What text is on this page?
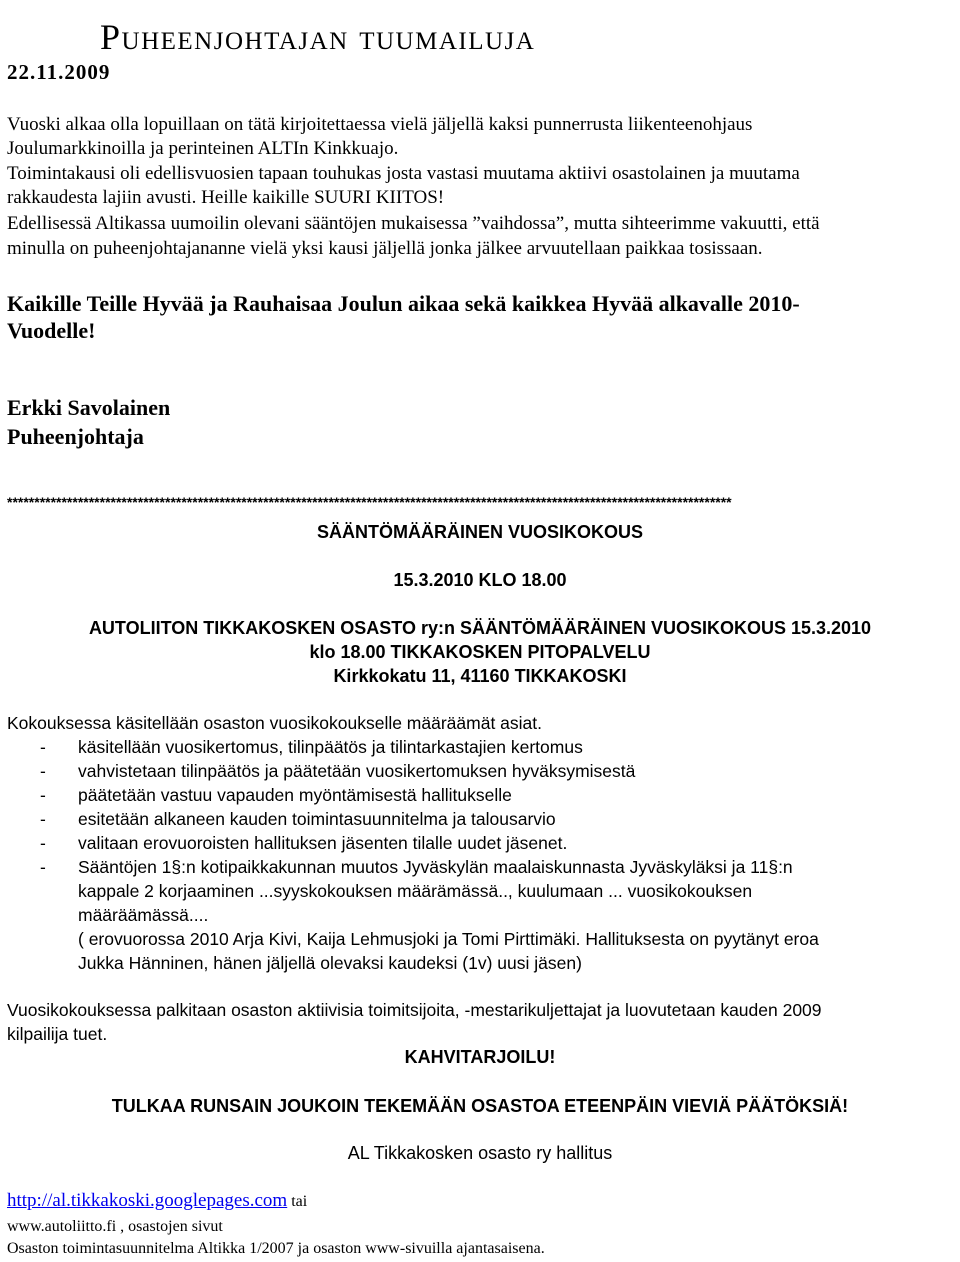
Puheenjohtajan tuumailuja
22.11.2009
Vuoski alkaa olla lopuillaan on tätä kirjoitettaessa vielä jäljellä kaksi punnerrusta liikenteenohjaus
Joulumarkkinoilla ja perinteinen ALTIn Kinkkuajo.
Toimintakausi oli edellisvuosien tapaan touhukas josta vastasi muutama aktiivi osastolainen ja muutama
rakkaudesta lajiin avusti. Heille kaikille SUURI KIITOS!
Edellisessä Altikassa uumoilin olevani sääntöjen mukaisessa ”vaihdossa”, mutta sihteerimme vakuutti, että
minulla on puheenjohtajananne vielä yksi kausi jäljellä jonka jälkee arvuutellaan paikkaa tosissaan.
Kaikille Teille Hyvää ja Rauhaisaa Joulun aikaa sekä kaikkea Hyvää alkavalle 2010-
Vuodelle!
Erkki Savolainen
Puheenjohtaja
*************************************************************************************************************************************
SÄÄNTÖMÄÄRÄINEN VUOSIKOKOUS
15.3.2010 KLO 18.00
AUTOLIITON TIKKAKOSKEN OSASTO ry:n SÄÄNTÖMÄÄRÄINEN VUOSIKOKOUS 15.3.2010
klo 18.00 TIKKAKOSKEN PITOPALVELU
Kirkkokatu 11, 41160 TIKKAKOSKI
Kokouksessa käsitellään osaston vuosikokoukselle määräämät asiat.
- käsitellään vuosikertomus, tilinpäätös ja tilintarkastajien kertomus
- vahvistetaan tilinpäätös ja päätetään vuosikertomuksen hyväksymisestä
- päätetään vastuu vapauden myöntämisestä hallitukselle
- esitetään alkaneen kauden toimintasuunnitelma ja talousarvio
- valitaan erovuoroisten hallituksen jäsenten tilalle uudet jäsenet.
- Sääntöjen 1§:n kotipaikkakunnan muutos Jyväskylän maalaiskunnasta Jyväskyläksi ja 11§:n
kappale 2 korjaaminen ...syyskokouksen määrämässä.., kuulumaan ... vuosikokouksen
määräämässä....
( erovuorossa 2010 Arja Kivi, Kaija Lehmusjoki ja Tomi Pirttimäki. Hallituksesta on pyytänyt eroa
Jukka Hänninen, hänen jäljellä olevaksi kaudeksi (1v) uusi jäsen)
Vuosikokouksessa palkitaan osaston aktiivisia toimitsijoita, -mestarikuljettajat ja luovutetaan kauden 2009
kilpailija tuet.
KAHVITARJOILU!
TULKAA RUNSAIN JOUKOIN TEKEMÄÄN OSASTOA ETEENPÄIN VIEVIÄ PÄÄTÖKSIÄ!
AL Tikkakosken osasto ry hallitus
http://al.tikkakoski.googlepages.com tai
www.autoliitto.fi , osastojen sivut
Osaston toimintasuunnitelma Altikka 1/2007 ja osaston www-sivuilla ajantasaisena.
